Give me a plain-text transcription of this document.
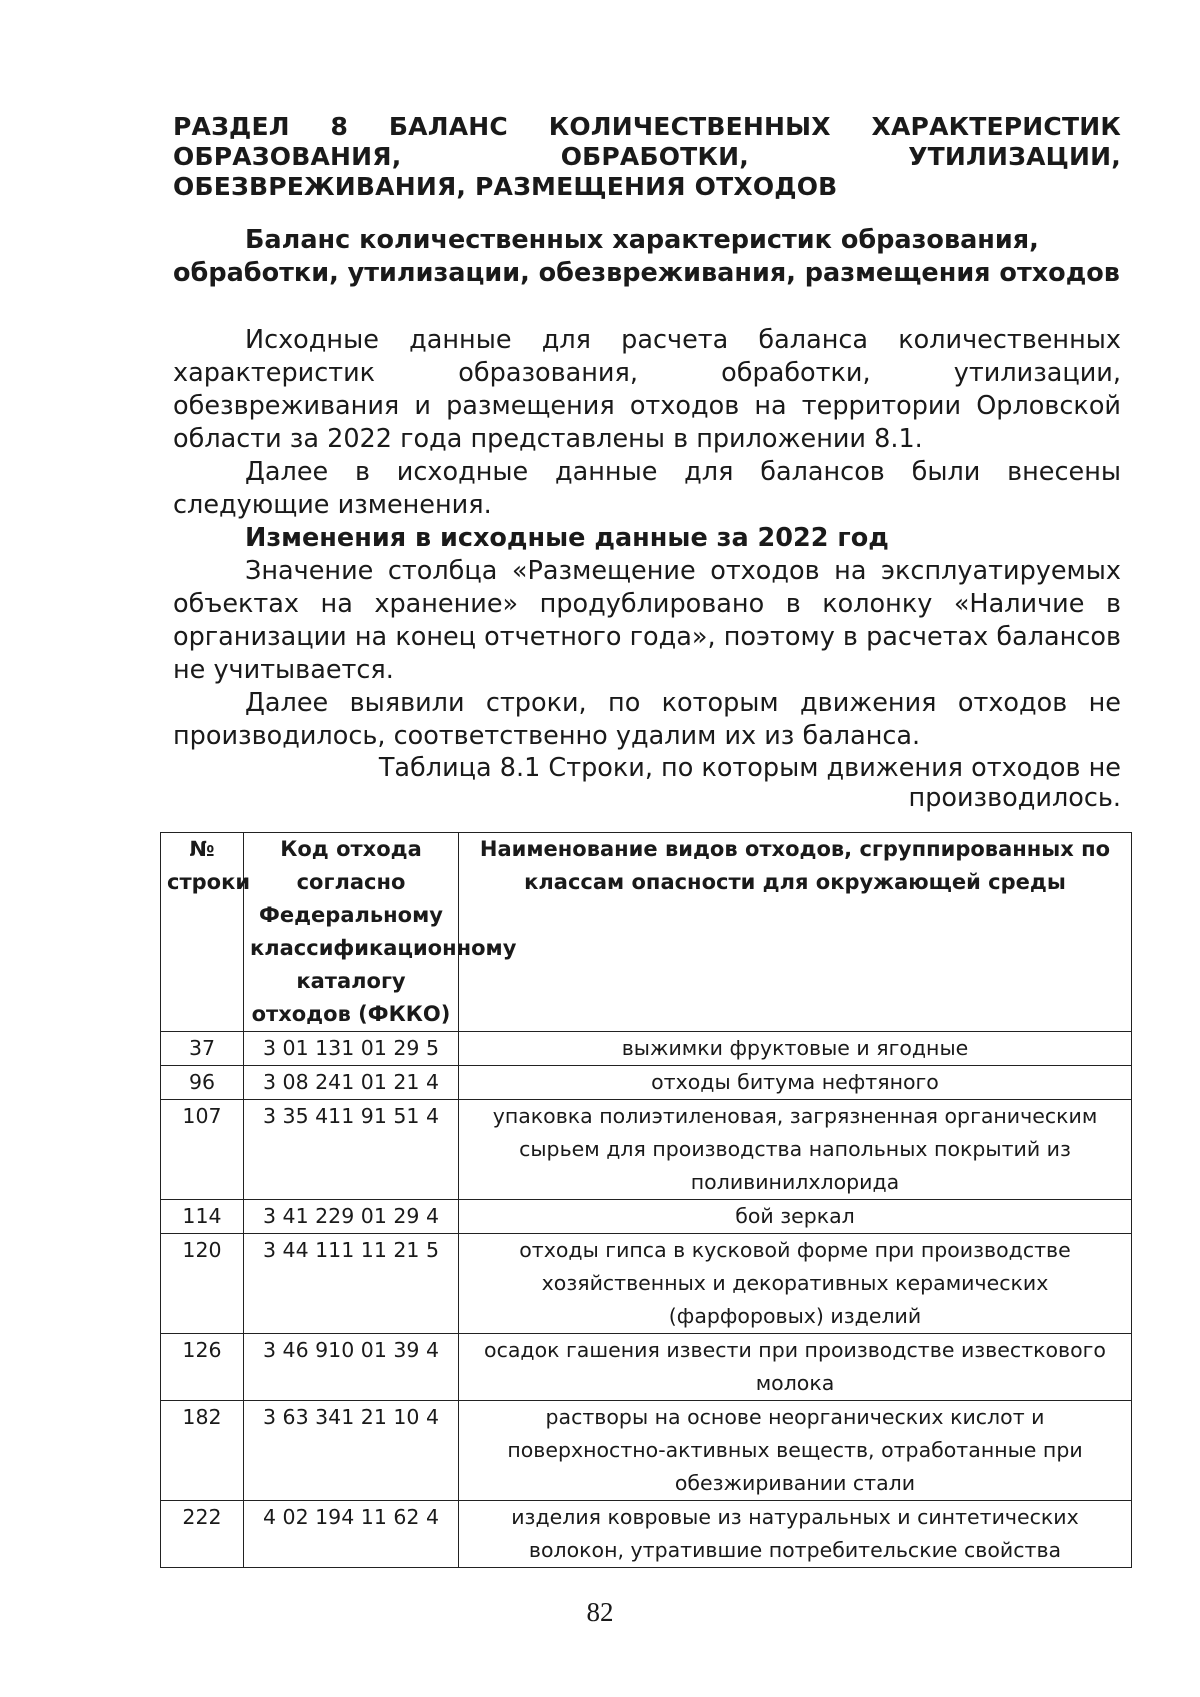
РАЗДЕЛ 8 БАЛАНС КОЛИЧЕСТВЕННЫХ ХАРАКТЕРИСТИК ОБРАЗОВАНИЯ, ОБРАБОТКИ, УТИЛИЗАЦИИ, ОБЕЗВРЕЖИВАНИЯ, РАЗМЕЩЕНИЯ ОТХОДОВ
Баланс количественных характеристик образования,
обработки, утилизации, обезвреживания, размещения отходов

Исходные данные для расчета баланса количественных характеристик образования, обработки, утилизации, обезвреживания и размещения отходов на территории Орловской области за 2022 года представлены в приложении 8.1.

Далее в исходные данные для балансов были внесены следующие изменения.

Изменения в исходные данные за 2022 год

Значение столбца «Размещение отходов на эксплуатируемых объектах на хранение» продублировано в колонку «Наличие в организации на конец отчетного года», поэтому в расчетах балансов не учитывается.

Далее выявили строки, по которым движения отходов не производилось, соответственно удалим их из баланса.

Таблица 8.1 Строки, по которым движения отходов не
производилось.

№ строки	Код отхода согласно Федеральному классификационному каталогу отходов (ФККО)	Наименование видов отходов, сгруппированных по классам опасности для окружающей среды
37	3 01 131 01 29 5	выжимки фруктовые и ягодные
96	3 08 241 01 21 4	отходы битума нефтяного
107	3 35 411 91 51 4	упаковка полиэтиленовая, загрязненная органическим сырьем для производства напольных покрытий из поливинилхлорида
114	3 41 229 01 29 4	бой зеркал
120	3 44 111 11 21 5	отходы гипса в кусковой форме при производстве хозяйственных и декоративных керамических (фарфоровых) изделий
126	3 46 910 01 39 4	осадок гашения извести при производстве известкового молока
182	3 63 341 21 10 4	растворы на основе неорганических кислот и поверхностно-активных веществ, отработанные при обезжиривании стали
222	4 02 194 11 62 4	изделия ковровые из натуральных и синтетических волокон, утратившие потребительские свойства
82
